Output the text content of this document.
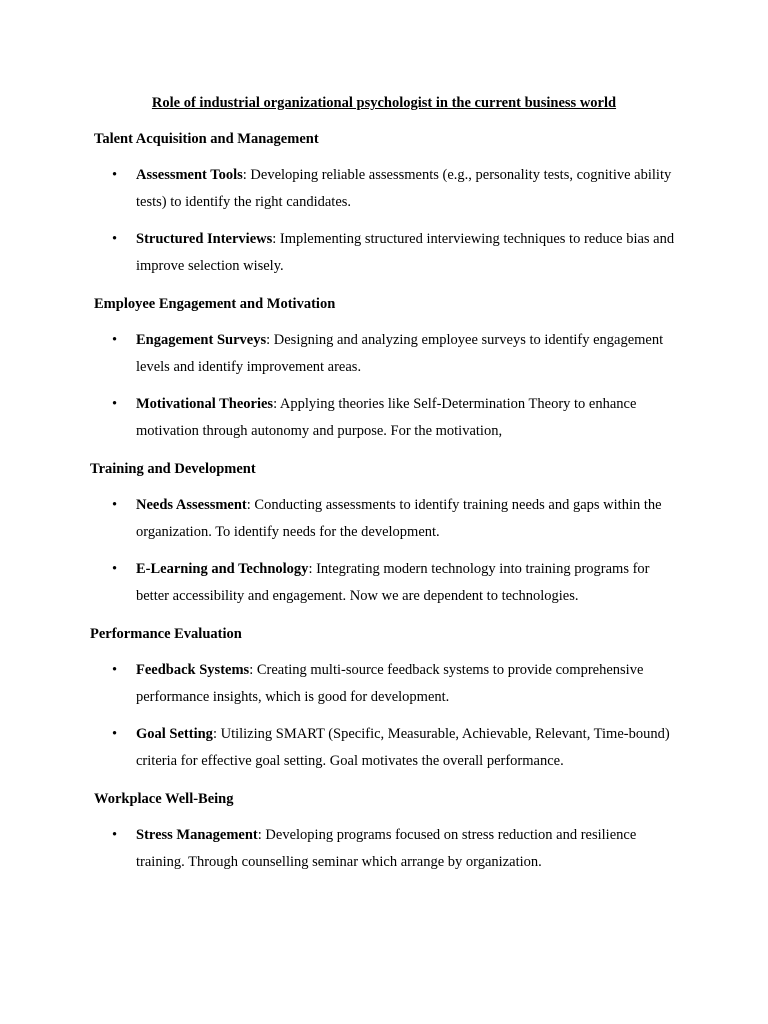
Role of industrial organizational psychologist in the current business world
Talent Acquisition and Management
• Assessment Tools: Developing reliable assessments (e.g., personality tests, cognitive ability tests) to identify the right candidates.
• Structured Interviews: Implementing structured interviewing techniques to reduce bias and improve selection wisely.
Employee Engagement and Motivation
• Engagement Surveys: Designing and analyzing employee surveys to identify engagement levels and identify improvement areas.
• Motivational Theories: Applying theories like Self-Determination Theory to enhance motivation through autonomy and purpose. For the motivation,
Training and Development
• Needs Assessment: Conducting assessments to identify training needs and gaps within the organization. To identify needs for the development.
• E-Learning and Technology: Integrating modern technology into training programs for better accessibility and engagement. Now we are dependent to technologies.
Performance Evaluation
• Feedback Systems: Creating multi-source feedback systems to provide comprehensive performance insights, which is good for development.
• Goal Setting: Utilizing SMART (Specific, Measurable, Achievable, Relevant, Time-bound) criteria for effective goal setting. Goal motivates the overall performance.
Workplace Well-Being
• Stress Management: Developing programs focused on stress reduction and resilience training. Through counselling seminar which arrange by organization.
